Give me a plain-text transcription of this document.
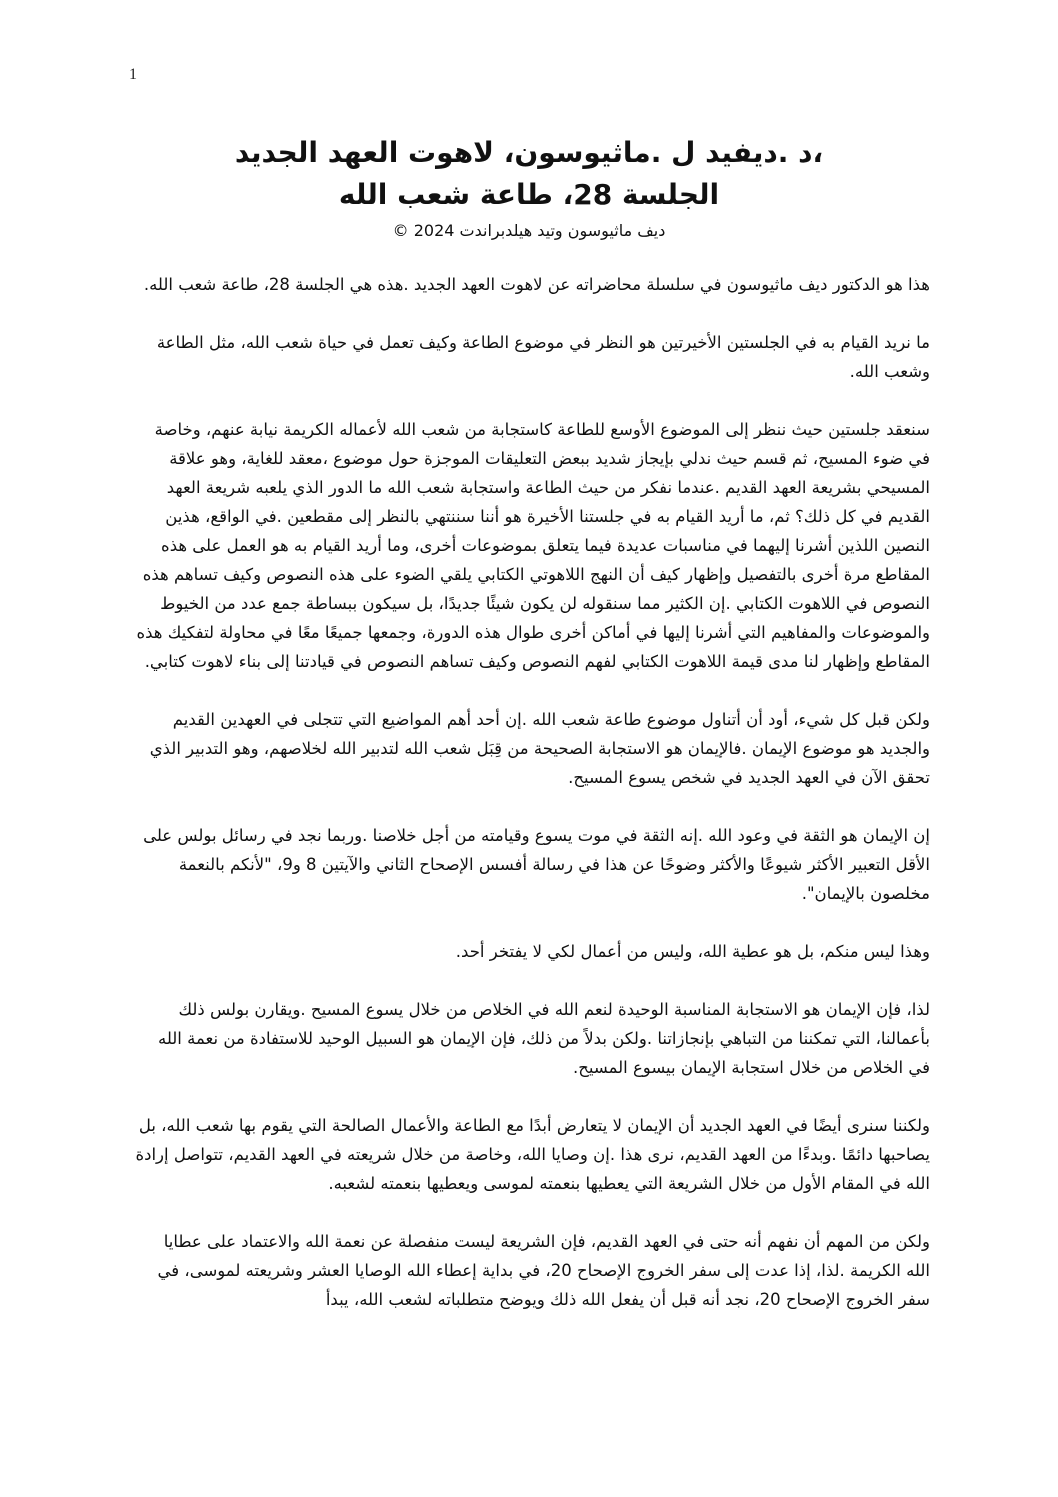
1

،د .ديفيد ل .ماثيوسون، لاهوت العهد الجديد

الجلسة 28، طاعة شعب الله

ديف ماثيوسون وتيد هيلدبراندت 2024 ©

هذا هو الدكتور ديف ماثيوسون في سلسلة محاضراته عن لاهوت العهد الجديد .هذه هي الجلسة 28، طاعة شعب الله.

ما نريد القيام به في الجلستين الأخيرتين هو النظر في موضوع الطاعة وكيف تعمل في حياة شعب الله، مثل الطاعة وشعب الله.

سنعقد جلستين حيث ننظر إلى الموضوع الأوسع للطاعة كاستجابة من شعب الله لأعماله الكريمة نيابة عنهم، وخاصة في ضوء المسيح، ثم قسم حيث ندلي بإيجاز شديد ببعض التعليقات الموجزة حول موضوع ،معقد للغاية، وهو علاقة المسيحي بشريعة العهد القديم .عندما نفكر من حيث الطاعة واستجابة شعب الله ما الدور الذي يلعبه شريعة العهد القديم في كل ذلك؟ ثم، ما أريد القيام به في جلستنا الأخيرة هو أننا سننتهي بالنظر إلى مقطعين .في الواقع، هذين النصين اللذين أشرنا إليهما في مناسبات عديدة فيما يتعلق بموضوعات أخرى، وما أريد القيام به هو العمل على هذه المقاطع مرة أخرى بالتفصيل وإظهار كيف أن النهج اللاهوتي الكتابي يلقي الضوء على هذه النصوص وكيف تساهم هذه النصوص في اللاهوت الكتابي .إن الكثير مما سنقوله لن يكون شيئًا جديدًا، بل سيكون ببساطة جمع عدد من الخيوط والموضوعات والمفاهيم التي أشرنا إليها في أماكن أخرى طوال هذه الدورة، وجمعها جميعًا معًا في محاولة لتفكيك هذه المقاطع وإظهار لنا مدى قيمة اللاهوت الكتابي لفهم النصوص وكيف تساهم النصوص في قيادتنا إلى بناء لاهوت كتابي.

ولكن قبل كل شيء، أود أن أتناول موضوع طاعة شعب الله .إن أحد أهم المواضيع التي تتجلى في العهدين القديم والجديد هو موضوع الإيمان .فالإيمان هو الاستجابة الصحيحة من قِبَل شعب الله لتدبير الله لخلاصهم، وهو التدبير الذي تحقق الآن في العهد الجديد في شخص يسوع المسيح.

إن الإيمان هو الثقة في وعود الله .إنه الثقة في موت يسوع وقيامته من أجل خلاصنا .وربما نجد في رسائل بولس على الأقل التعبير الأكثر شيوعًا والأكثر وضوحًا عن هذا في رسالة أفسس الإصحاح الثاني والآيتين 8 و9، "لأنكم بالنعمة مخلصون بالإيمان".

وهذا ليس منكم، بل هو عطية الله، وليس من أعمال لكي لا يفتخر أحد.

لذا، فإن الإيمان هو الاستجابة المناسبة الوحيدة لنعم الله في الخلاص من خلال يسوع المسيح .ويقارن بولس ذلك بأعمالنا، التي تمكننا من التباهي بإنجازاتنا .ولكن بدلاً من ذلك، فإن الإيمان هو السبيل الوحيد للاستفادة من نعمة الله في الخلاص من خلال استجابة الإيمان بيسوع المسيح.

ولكننا سنرى أيضًا في العهد الجديد أن الإيمان لا يتعارض أبدًا مع الطاعة والأعمال الصالحة التي يقوم بها شعب الله، بل يصاحبها دائمًا .وبدءًا من العهد القديم، نرى هذا .إن وصايا الله، وخاصة من خلال شريعته في العهد القديم، تتواصل إرادة الله في المقام الأول من خلال الشريعة التي يعطيها بنعمته لموسى ويعطيها بنعمته لشعبه.

ولكن من المهم أن نفهم أنه حتى في العهد القديم، فإن الشريعة ليست منفصلة عن نعمة الله والاعتماد على عطايا الله الكريمة .لذا، إذا عدت إلى سفر الخروج الإصحاح 20، في بداية إعطاء الله الوصايا العشر وشريعته لموسى، في سفر الخروج الإصحاح 20، نجد أنه قبل أن يفعل الله ذلك ويوضح متطلباته لشعب الله، يبدأ
